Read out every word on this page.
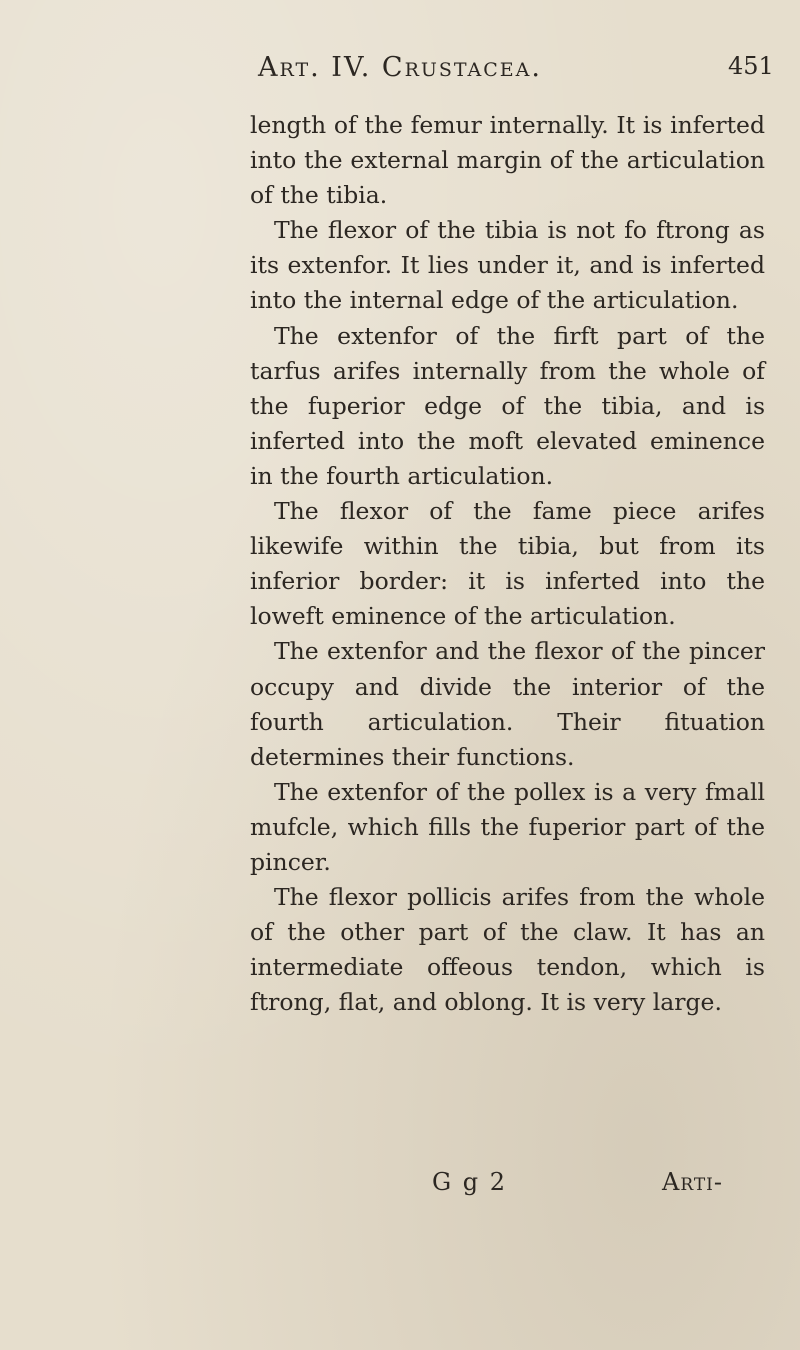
Art. IV. Crustacea.	451

length of the femur internally. It is inferted into the external margin of the articulation of the tibia.

The flexor of the tibia is not fo ftrong as its extenfor. It lies under it, and is inferted into the internal edge of the articulation.

The extenfor of the firft part of the tarfus arifes internally from the whole of the fuperior edge of the tibia, and is inferted into the moft elevated eminence in the fourth articulation.

The flexor of the fame piece arifes likewife within the tibia, but from its inferior border: it is inferted into the loweft eminence of the articulation.

The extenfor and the flexor of the pincer occupy and divide the interior of the fourth articulation. Their fituation determines their functions.

The extenfor of the pollex is a very fmall mufcle, which fills the fuperior part of the pincer.

The flexor pollicis arifes from the whole of the other part of the claw. It has an intermediate offeous tendon, which is ftrong, flat, and oblong. It is very large.

G g 2	Arti-
